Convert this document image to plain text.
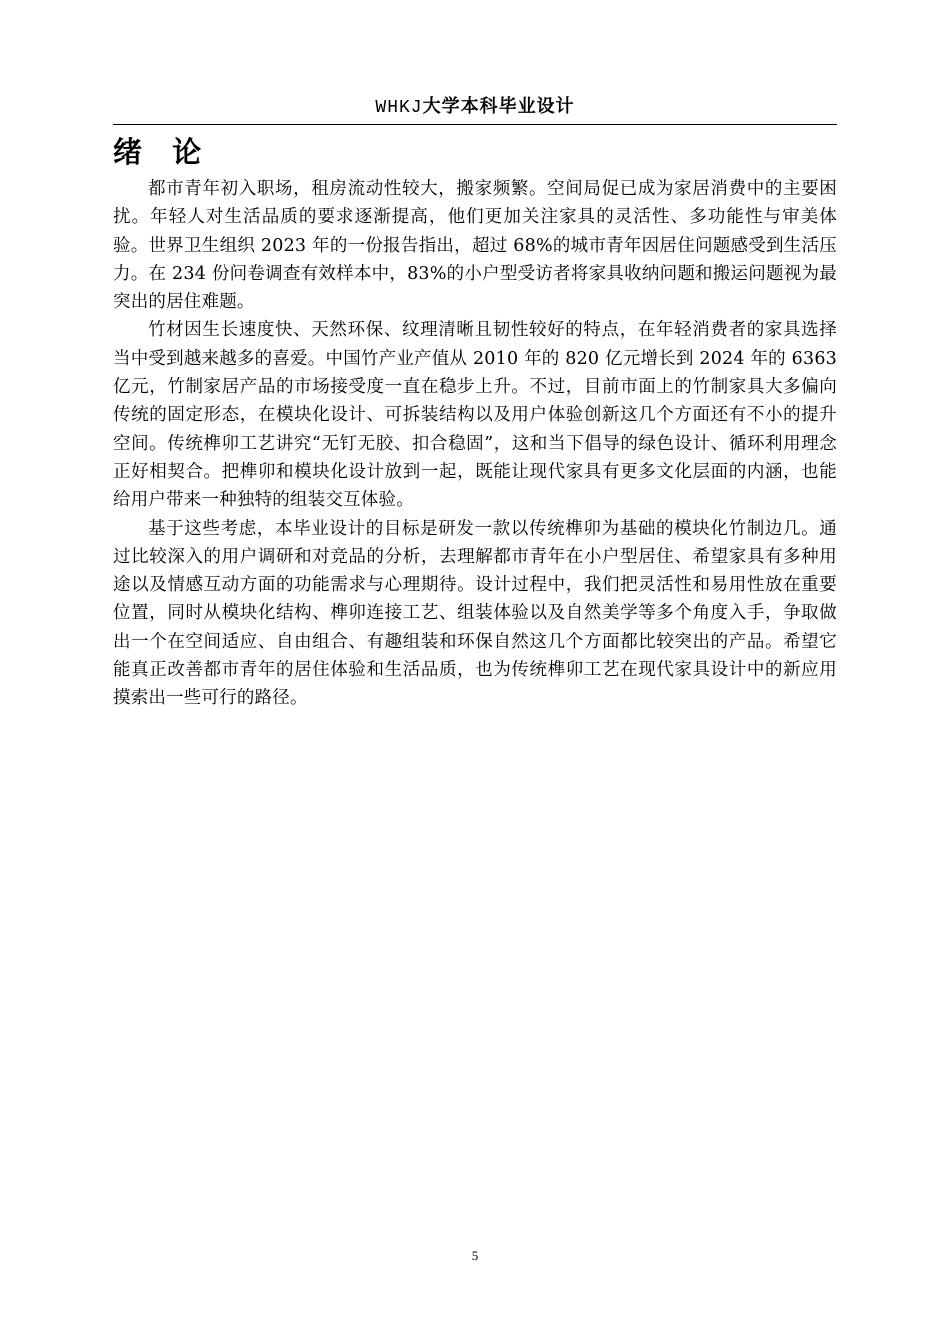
WHKJ大学本科毕业设计
绪 论

都市青年初入职场，租房流动性较大，搬家频繁。空间局促已成为家居消费中的主要困扰。年轻人对生活品质的要求逐渐提高，他们更加关注家具的灵活性、多功能性与审美体验。世界卫生组织 2023 年的一份报告指出，超过 68%的城市青年因居住问题感受到生活压力。在 234 份问卷调查有效样本中，83%的小户型受访者将家具收纳问题和搬运问题视为最突出的居住难题。

竹材因生长速度快、天然环保、纹理清晰且韧性较好的特点，在年轻消费者的家具选择当中受到越来越多的喜爱。中国竹产业产值从 2010 年的 820 亿元增长到 2024 年的 6363 亿元，竹制家居产品的市场接受度一直在稳步上升。不过，目前市面上的竹制家具大多偏向传统的固定形态，在模块化设计、可拆装结构以及用户体验创新这几个方面还有不小的提升空间。传统榫卯工艺讲究“无钉无胶、扣合稳固”，这和当下倡导的绿色设计、循环利用理念正好相契合。把榫卯和模块化设计放到一起，既能让现代家具有更多文化层面的内涵，也能给用户带来一种独特的组装交互体验。

基于这些考虑，本毕业设计的目标是研发一款以传统榫卯为基础的模块化竹制边几。通过比较深入的用户调研和对竞品的分析，去理解都市青年在小户型居住、希望家具有多种用途以及情感互动方面的功能需求与心理期待。设计过程中，我们把灵活性和易用性放在重要位置，同时从模块化结构、榫卯连接工艺、组装体验以及自然美学等多个角度入手，争取做出一个在空间适应、自由组合、有趣组装和环保自然这几个方面都比较突出的产品。希望它能真正改善都市青年的居住体验和生活品质，也为传统榫卯工艺在现代家具设计中的新应用摸索出一些可行的路径。

5
